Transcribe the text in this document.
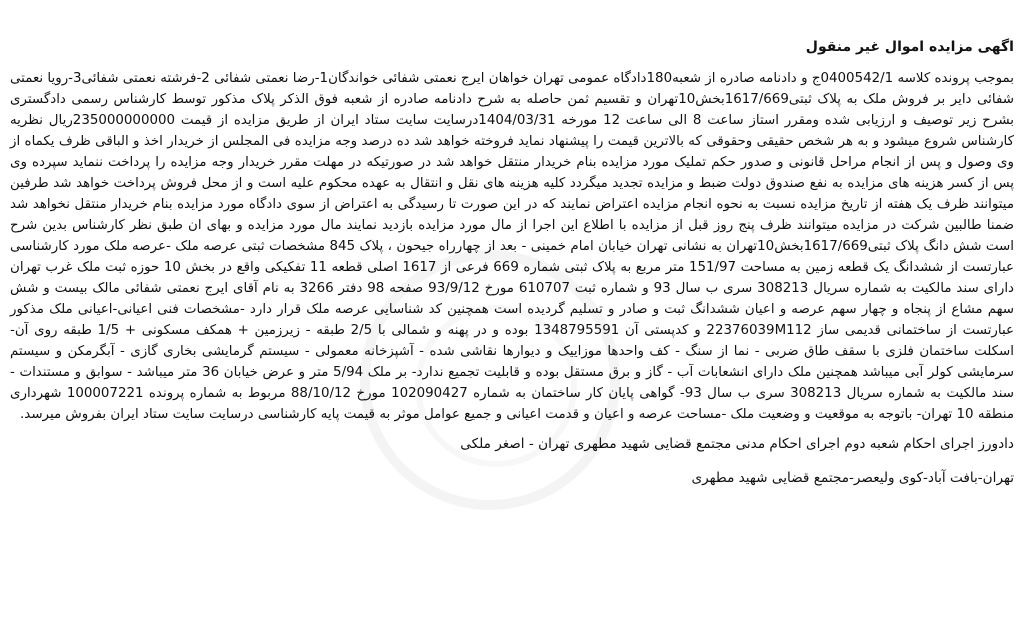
اگهی مزایده اموال غیر منقول

بموجب پرونده کلاسه 0400542/1ج و دادنامه صادره از شعبه180دادگاه عمومی تهران خواهان ایرج نعمتی شفائی خواندگان1-رضا نعمتی شفائی 2-فرشته نعمتی شفائی3-رویا نعمتی شفائی دایر بر فروش ملک به پلاک ثبتی1617/669بخش10تهران و تقسیم ثمن حاصله به شرح دادنامه صادره از شعبه فوق الذکر پلاک مذکور توسط کارشناس رسمی دادگستری بشرح زیر توصیف و ارزیابی شده ومقرر استاز ساعت 8 الی ساعت 12 مورخه 1404/03/31درسایت سایت ستاد ایران از طریق مزایده از قیمت 235000000000ریال نظریه کارشناس شروع میشود و به هر شخص حقیقی وحقوقی که بالاترین قیمت را پیشنهاد نماید فروخته خواهد شد ده درصد وجه مزایده فی المجلس از خریدار اخذ و الباقی ظرف یکماه از وی وصول و پس از انجام مراحل قانونی و صدور حکم تملیک مورد مزایده بنام خریدار منتقل خواهد شد در صورتیکه در مهلت مقرر خریدار وجه مزایده را پرداخت ننماید سپرده وی پس از کسر هزینه های مزایده به نفع صندوق دولت ضبط و مزایده تجدید میگردد کلیه هزینه های نقل و انتقال به عهده محکوم علیه است و از محل فروش پرداخت خواهد شد طرفین میتوانند ظرف یک هفته از تاریخ مزایده نسبت به نحوه انجام مزایده اعتراض نمایند که در این صورت تا رسیدگی به اعتراض از سوی دادگاه مورد مزایده بنام خریدار منتقل نخواهد شد ضمنا طالبین شرکت در مزایده میتوانند ظرف پنج روز قبل از مزایده با اطلاع این اجرا از مال مورد مزایده بازدید نمایند مال مورد مزایده و بهای ان طبق نظر کارشناس بدین شرح است شش دانگ پلاک ثبتی1617/669بخش10تهران به نشانی تهران خیابان امام خمینی - بعد از چهارراه جیحون ، پلاک 845 مشخصات ثبتی عرصه ملک -عرصه ملک مورد کارشناسی عبارتست از ششدانگ یک قطعه زمین به مساحت 151/97 متر مربع به پلاک ثبتی شماره 669 فرعی از 1617 اصلی قطعه 11 تفکیکی واقع در بخش 10 حوزه ثبت ملک غرب تهران دارای سند مالکیت به شماره سریال 308213 سری ب سال 93 و شماره ثبت 610707 مورخ 93/9/12 صفحه 98 دفتر 3266 به نام آقای ایرج نعمتی شفائی مالک بیست و شش سهم مشاع از پنجاه و چهار سهم عرصه و اعیان ششدانگ ثبت و صادر و تسلیم گردیده است همچنین کد شناسایی عرصه ملک قرار دارد -مشخصات فنی اعیانی-اعیانی ملک مذکور عبارتست از ساختمانی قدیمی ساز 22376039M112 و کدپستی آن 1348795591 بوده و در پهنه و شمالی با 2/5 طبقه - زیرزمین + همکف مسکونی + 1/5 طبقه روی آن- اسکلت ساختمان فلزی با سقف طاق ضربی - نما از سنگ - کف واحدها موزاییک و دیوارها نقاشی شده - آشپزخانه معمولی - سیستم گرمایشی بخاری گازی - آبگرمکن و سیستم سرمایشی کولر آبی میباشد همچنین ملک دارای انشعابات آب - گاز و برق مستقل بوده و قابلیت تجمیع ندارد- بر ملک 5/94 متر و عرض خیابان 36 متر میباشد - سوابق و مستندات - سند مالکیت به شماره سریال 308213 سری ب سال 93- گواهی پایان کار ساختمان به شماره 102090427 مورخ 88/10/12 مربوط به شماره پرونده 100007221 شهرداری منطقه 10 تهران- باتوجه به موقعیت و وضعیت ملک -مساحت عرصه و اعیان و قدمت اعیانی و جمیع عوامل موثر به قیمت پایه کارشناسی درسایت سایت ستاد ایران بفروش میرسد.

دادورز اجرای احکام شعبه دوم اجرای احکام مدنی مجتمع قضایی شهید مطهری تهران - اصغر ملکی
تهران-بافت آباد-کوی ولیعصر-مجتمع قضایی شهید مطهری
